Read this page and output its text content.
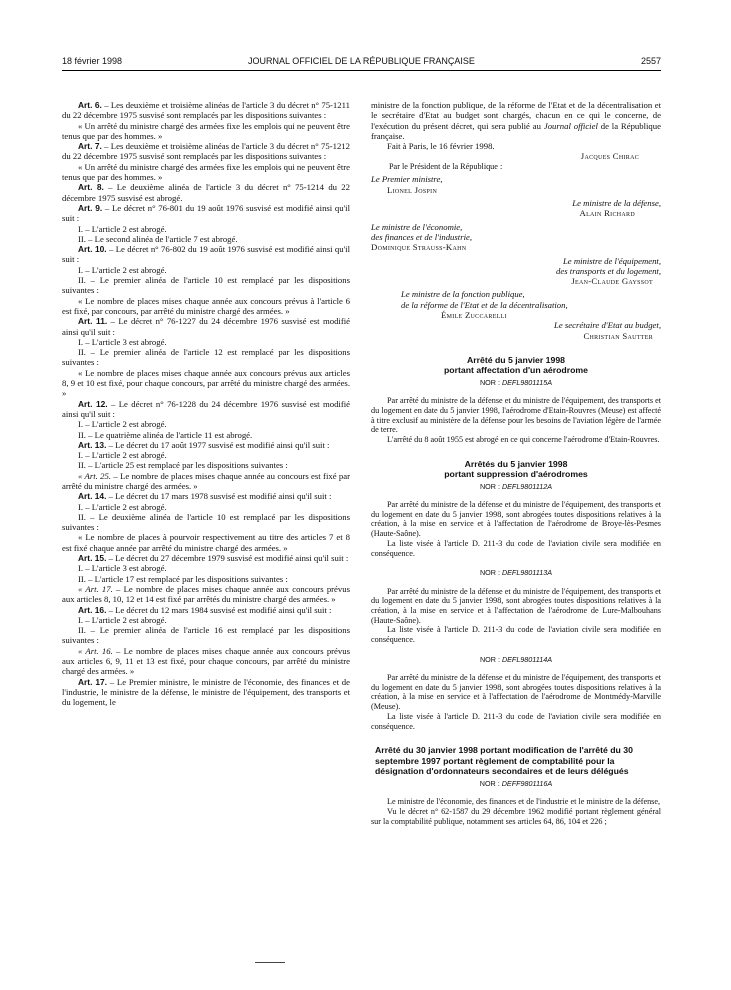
18 février 1998	JOURNAL OFFICIEL DE LA RÉPUBLIQUE FRANÇAISE	2557

Art. 6. – Les deuxième et troisième alinéas de l'article 3 du décret n° 75-1211 du 22 décembre 1975 susvisé sont remplacés par les dispositions suivantes :

« Un arrêté du ministre chargé des armées fixe les emplois qui ne peuvent être tenus que par des hommes. »

Art. 7. – Les deuxième et troisième alinéas de l'article 3 du décret n° 75-1212 du 22 décembre 1975 susvisé sont remplacés par les dispositions suivantes :

« Un arrêté du ministre chargé des armées fixe les emplois qui ne peuvent être tenus que par des hommes. »

Art. 8. – Le deuxième alinéa de l'article 3 du décret n° 75-1214 du 22 décembre 1975 susvisé est abrogé.

Art. 9. – Le décret n° 76-801 du 19 août 1976 susvisé est modifié ainsi qu'il suit :

I. – L'article 2 est abrogé.

II. – Le second alinéa de l'article 7 est abrogé.

Art. 10. – Le décret n° 76-802 du 19 août 1976 susvisé est modifié ainsi qu'il suit :

I. – L'article 2 est abrogé.

II. – Le premier alinéa de l'article 10 est remplacé par les dispositions suivantes :

« Le nombre de places mises chaque année aux concours prévus à l'article 6 est fixé, par concours, par arrêté du ministre chargé des armées. »

Art. 11. – Le décret n° 76-1227 du 24 décembre 1976 susvisé est modifié ainsi qu'il suit :

I. – L'article 3 est abrogé.

II. – Le premier alinéa de l'article 12 est remplacé par les dispositions suivantes :

« Le nombre de places mises chaque année aux concours prévus aux articles 8, 9 et 10 est fixé, pour chaque concours, par arrêté du ministre chargé des armées. »

Art. 12. – Le décret n° 76-1228 du 24 décembre 1976 susvisé est modifié ainsi qu'il suit :

I. – L'article 2 est abrogé.

II. – Le quatrième alinéa de l'article 11 est abrogé.

Art. 13. – Le décret du 17 août 1977 susvisé est modifié ainsi qu'il suit :

I. – L'article 2 est abrogé.

II. – L'article 25 est remplacé par les dispositions suivantes :

« Art. 25. – Le nombre de places mises chaque année au concours est fixé par arrêté du ministre chargé des armées. »

Art. 14. – Le décret du 17 mars 1978 susvisé est modifié ainsi qu'il suit :

I. – L'article 2 est abrogé.

II. – Le deuxième alinéa de l'article 10 est remplacé par les dispositions suivantes :

« Le nombre de places à pourvoir respectivement au titre des articles 7 et 8 est fixé chaque année par arrêté du ministre chargé des armées. »

Art. 15. – Le décret du 27 décembre 1979 susvisé est modifié ainsi qu'il suit :

I. – L'article 3 est abrogé.

II. – L'article 17 est remplacé par les dispositions suivantes :

« Art. 17. – Le nombre de places mises chaque année aux concours prévus aux articles 8, 10, 12 et 14 est fixé par arrêtés du ministre chargé des armées. »

Art. 16. – Le décret du 12 mars 1984 susvisé est modifié ainsi qu'il suit :

I. – L'article 2 est abrogé.

II. – Le premier alinéa de l'article 16 est remplacé par les dispositions suivantes :

« Art. 16. – Le nombre de places mises chaque année aux concours prévus aux articles 6, 9, 11 et 13 est fixé, pour chaque concours, par arrêté du ministre chargé des armées. »

Art. 17. – Le Premier ministre, le ministre de l'économie, des finances et de l'industrie, le ministre de la défense, le ministre de l'équipement, des transports et du logement, le

ministre de la fonction publique, de la réforme de l'Etat et de la décentralisation et le secrétaire d'Etat au budget sont chargés, chacun en ce qui le concerne, de l'exécution du présent décret, qui sera publié au Journal officiel de la République française.

Fait à Paris, le 16 février 1998.

Jacques Chirac

Par le Président de la République :

Le Premier ministre,

Lionel Jospin

Le ministre de la défense,

Alain Richard

Le ministre de l'économie,

des finances et de l'industrie,

Dominique Strauss-Kahn

Le ministre de l'équipement,

des transports et du logement,

Jean-Claude Gayssot

Le ministre de la fonction publique,

de la réforme de l'Etat et de la décentralisation,

Émile Zuccarelli

Le secrétaire d'Etat au budget,

Christian Sautter

Arrêté du 5 janvier 1998
portant affectation d'un aérodrome

NOR : DEFL9801115A

Par arrêté du ministre de la défense et du ministre de l'équipement, des transports et du logement en date du 5 janvier 1998, l'aérodrome d'Etain-Rouvres (Meuse) est affecté à titre exclusif au ministère de la défense pour les besoins de l'aviation légère de l'armée de terre.

L'arrêté du 8 août 1955 est abrogé en ce qui concerne l'aérodrome d'Etain-Rouvres.

Arrêtés du 5 janvier 1998
portant suppression d'aérodromes

NOR : DEFL9801112A

Par arrêté du ministre de la défense et du ministre de l'équipement, des transports et du logement en date du 5 janvier 1998, sont abrogées toutes dispositions relatives à la création, à la mise en service et à l'affectation de l'aérodrome de Broye-lès-Pesmes (Haute-Saône).

La liste visée à l'article D. 211-3 du code de l'aviation civile sera modifiée en conséquence.

NOR : DEFL9801113A

Par arrêté du ministre de la défense et du ministre de l'équipement, des transports et du logement en date du 5 janvier 1998, sont abrogées toutes dispositions relatives à la création, à la mise en service et à l'affectation de l'aérodrome de Lure-Malbouhans (Haute-Saône).

La liste visée à l'article D. 211-3 du code de l'aviation civile sera modifiée en conséquence.

NOR : DEFL9801114A

Par arrêté du ministre de la défense et du ministre de l'équipement, des transports et du logement en date du 5 janvier 1998, sont abrogées toutes dispositions relatives à la création, à la mise en service et à l'affectation de l'aérodrome de Montmédy-Marville (Meuse).

La liste visée à l'article D. 211-3 du code de l'aviation civile sera modifiée en conséquence.

Arrêté du 30 janvier 1998 portant modification de l'arrêté du 30 septembre 1997 portant règlement de comptabilité pour la désignation d'ordonnateurs secondaires et de leurs délégués

NOR : DEFF9801116A

Le ministre de l'économie, des finances et de l'industrie et le ministre de la défense,

Vu le décret n° 62-1587 du 29 décembre 1962 modifié portant règlement général sur la comptabilité publique, notamment ses articles 64, 86, 104 et 226 ;
